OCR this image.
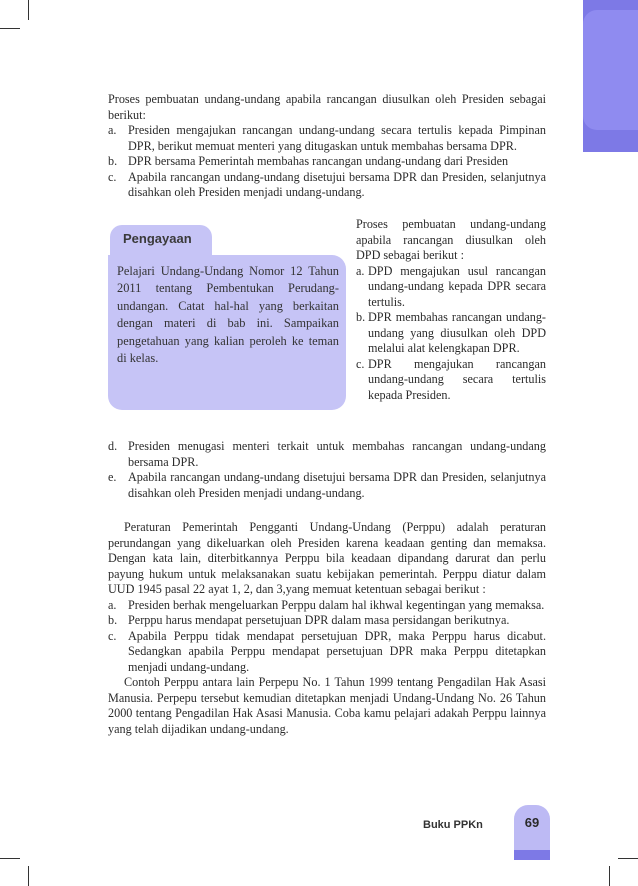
Proses pembuatan undang-undang apabila rancangan diusulkan oleh Presiden sebagai berikut:
a. Presiden mengajukan rancangan undang-undang secara tertulis kepada Pimpinan DPR, berikut memuat menteri yang ditugaskan untuk membahas bersama DPR.
b. DPR bersama Pemerintah membahas rancangan undang-undang dari Presiden
c. Apabila rancangan undang-undang disetujui bersama DPR dan Presiden, selanjutnya disahkan oleh Presiden menjadi undang-undang.
Pengayaan
Pelajari Undang-Undang Nomor 12 Tahun 2011 tentang Pembentukan Perudang-undangan. Catat hal-hal yang berkaitan dengan materi di bab ini. Sampaikan pengetahuan yang kalian peroleh ke teman di kelas.
Proses pembuatan undang-undang apabila rancangan diusulkan oleh DPD sebagai berikut :
a. DPD mengajukan usul rancangan undang-undang kepada DPR secara tertulis.
b. DPR membahas rancangan undang-undang yang diusulkan oleh DPD melalui alat kelengkapan DPR.
c. DPR mengajukan rancangan undang-undang secara tertulis kepada Presiden.
d. Presiden menugasi menteri terkait untuk membahas rancangan undang-undang bersama DPR.
e. Apabila rancangan undang-undang disetujui bersama DPR dan Presiden, selanjutnya disahkan oleh Presiden menjadi undang-undang.
Peraturan Pemerintah Pengganti Undang-Undang (Perppu) adalah peraturan perundangan yang dikeluarkan oleh Presiden karena keadaan genting dan memaksa. Dengan kata lain, diterbitkannya Perppu bila keadaan dipandang darurat dan perlu payung hukum untuk melaksanakan suatu kebijakan pemerintah. Perppu diatur dalam UUD 1945 pasal 22 ayat 1, 2, dan 3,yang memuat ketentuan sebagai berikut :
a. Presiden berhak mengeluarkan Perppu dalam hal ikhwal kegentingan yang memaksa.
b. Perppu harus mendapat persetujuan DPR dalam masa persidangan berikutnya.
c. Apabila Perppu tidak mendapat persetujuan DPR, maka Perppu harus dicabut. Sedangkan apabila Perppu mendapat persetujuan DPR maka Perppu ditetapkan menjadi undang-undang.
Contoh Perppu antara lain Perpepu No. 1 Tahun 1999 tentang Pengadilan Hak Asasi Manusia. Perpepu tersebut kemudian ditetapkan menjadi Undang-Undang No. 26 Tahun 2000 tentang Pengadilan Hak Asasi Manusia. Coba kamu pelajari adakah Perppu lainnya yang telah dijadikan undang-undang.
Buku PPKn	69
